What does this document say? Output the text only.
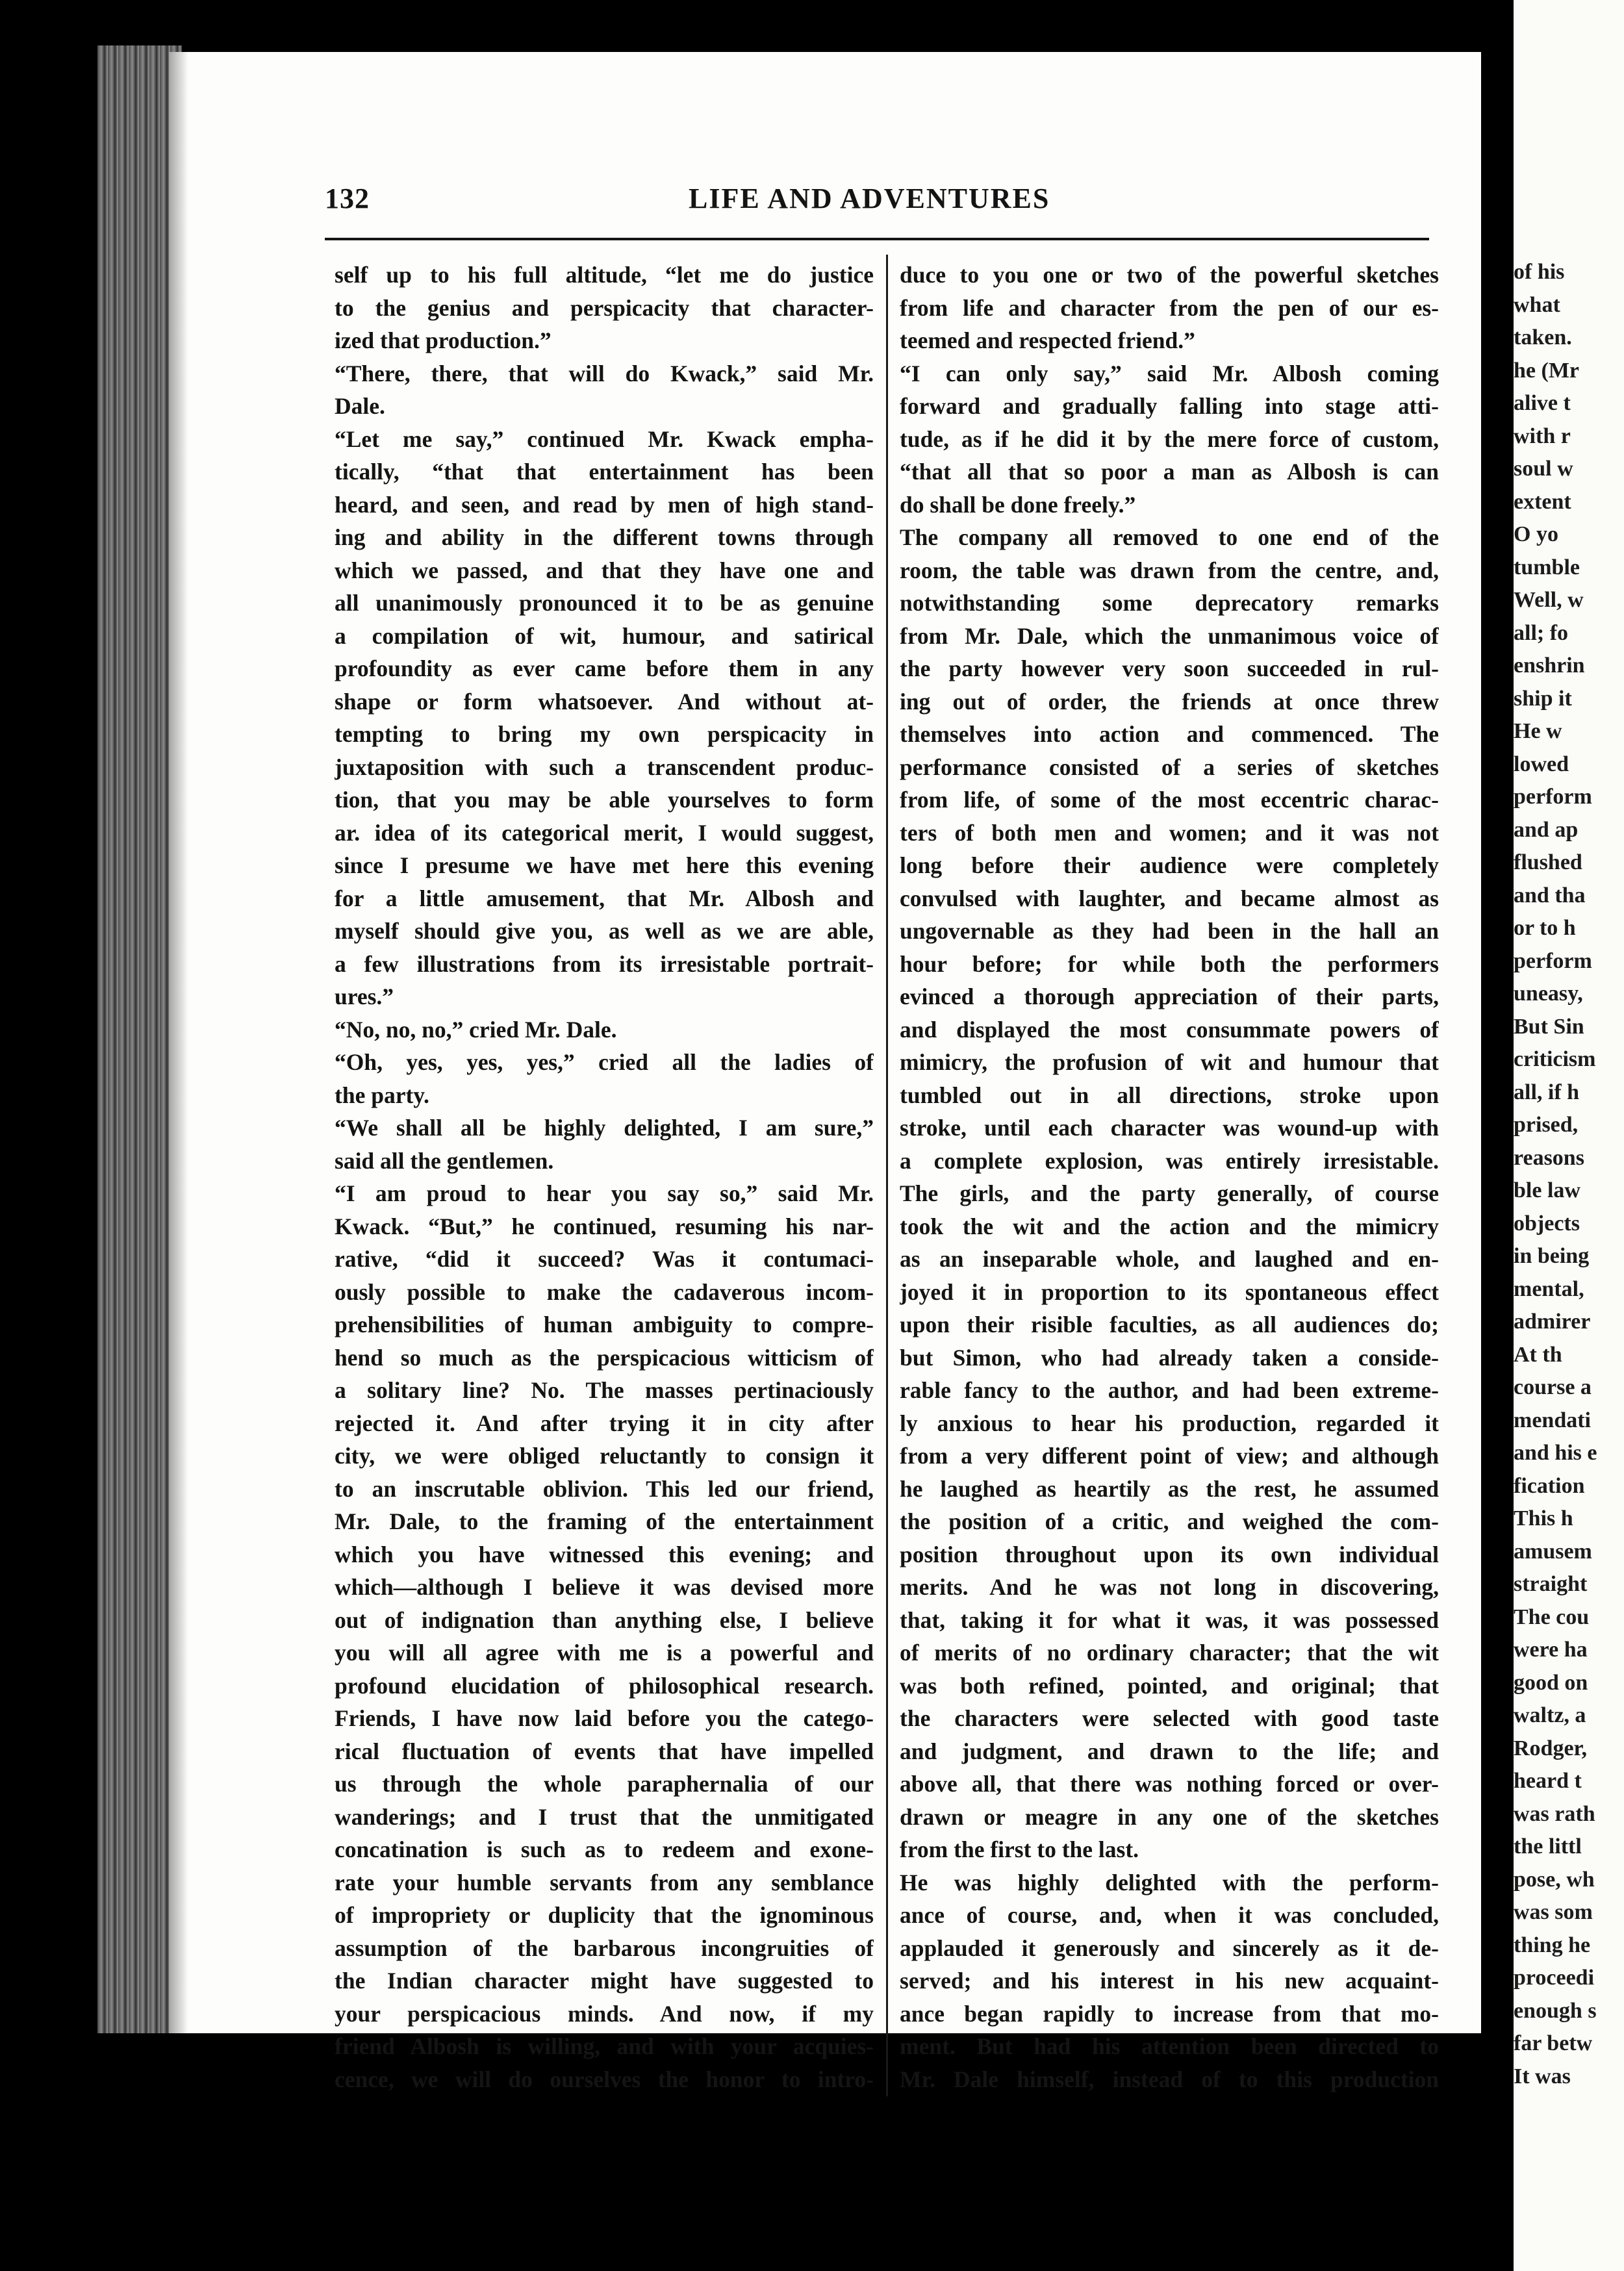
of his
what
taken.
he (Mr
alive t
with r
soul w
extent
O yo
tumble
Well, w
all; fo
enshrin
ship it
He w
lowed
perform
and ap
flushed
and tha
or to h
perform
uneasy,
But Sin
criticism
all, if h
prised,
reasons
ble law
objects
in being
mental,
admirer
At th
course a
mendati
and his e
fication
This h
amusem
straight
The cou
were ha
good on
waltz, a
Rodger,
heard t
was rath
the littl
pose, wh
was som
thing he
proceedi
enough s
far betw
It was
132	LIFE AND ADVENTURES
self up to his full altitude, “let me do justice
to the genius and perspicacity that character-
ized that production.”
“There, there, that will do Kwack,” said Mr.
Dale.
“Let me say,” continued Mr. Kwack empha-
tically, “that that entertainment has been
heard, and seen, and read by men of high stand-
ing and ability in the different towns through
which we passed, and that they have one and
all unanimously pronounced it to be as genuine
a compilation of wit, humour, and satirical
profoundity as ever came before them in any
shape or form whatsoever. And without at-
tempting to bring my own perspicacity in
juxtaposition with such a transcendent produc-
tion, that you may be able yourselves to form
ar. idea of its categorical merit, I would suggest,
since I presume we have met here this evening
for a little amusement, that Mr. Albosh and
myself should give you, as well as we are able,
a few illustrations from its irresistable portrait-
ures.”
“No, no, no,” cried Mr. Dale.
“Oh, yes, yes, yes,” cried all the ladies of
the party.
“We shall all be highly delighted, I am sure,”
said all the gentlemen.
“I am proud to hear you say so,” said Mr.
Kwack. “But,” he continued, resuming his nar-
rative, “did it succeed? Was it contumaci-
ously possible to make the cadaverous incom-
prehensibilities of human ambiguity to compre-
hend so much as the perspicacious witticism of
a solitary line? No. The masses pertinaciously
rejected it. And after trying it in city after
city, we were obliged reluctantly to consign it
to an inscrutable oblivion. This led our friend,
Mr. Dale, to the framing of the entertainment
which you have witnessed this evening; and
which—although I believe it was devised more
out of indignation than anything else, I believe
you will all agree with me is a powerful and
profound elucidation of philosophical research.
Friends, I have now laid before you the catego-
rical fluctuation of events that have impelled
us through the whole paraphernalia of our
wanderings; and I trust that the unmitigated
concatination is such as to redeem and exone-
rate your humble servants from any semblance
of impropriety or duplicity that the ignominous
assumption of the barbarous incongruities of
the Indian character might have suggested to
your perspicacious minds. And now, if my
friend Albosh is willing, and with your acquies-
cence, we will do ourselves the honor to intro-
duce to you one or two of the powerful sketches
from life and character from the pen of our es-
teemed and respected friend.”
“I can only say,” said Mr. Albosh coming
forward and gradually falling into stage atti-
tude, as if he did it by the mere force of custom,
“that all that so poor a man as Albosh is can
do shall be done freely.”
The company all removed to one end of the
room, the table was drawn from the centre, and,
notwithstanding some deprecatory remarks
from Mr. Dale, which the unmanimous voice of
the party however very soon succeeded in rul-
ing out of order, the friends at once threw
themselves into action and commenced. The
performance consisted of a series of sketches
from life, of some of the most eccentric charac-
ters of both men and women; and it was not
long before their audience were completely
convulsed with laughter, and became almost as
ungovernable as they had been in the hall an
hour before; for while both the performers
evinced a thorough appreciation of their parts,
and displayed the most consummate powers of
mimicry, the profusion of wit and humour that
tumbled out in all directions, stroke upon
stroke, until each character was wound-up with
a complete explosion, was entirely irresistable.
The girls, and the party generally, of course
took the wit and the action and the mimicry
as an inseparable whole, and laughed and en-
joyed it in proportion to its spontaneous effect
upon their risible faculties, as all audiences do;
but Simon, who had already taken a conside-
rable fancy to the author, and had been extreme-
ly anxious to hear his production, regarded it
from a very different point of view; and although
he laughed as heartily as the rest, he assumed
the position of a critic, and weighed the com-
position throughout upon its own individual
merits. And he was not long in discovering,
that, taking it for what it was, it was possessed
of merits of no ordinary character; that the wit
was both refined, pointed, and original; that
the characters were selected with good taste
and judgment, and drawn to the life; and
above all, that there was nothing forced or over-
drawn or meagre in any one of the sketches
from the first to the last.
He was highly delighted with the perform-
ance of course, and, when it was concluded,
applauded it generously and sincerely as it de-
served; and his interest in his new acquaint-
ance began rapidly to increase from that mo-
ment. But had his attention been directed to
Mr. Dale himself, instead of to this production
